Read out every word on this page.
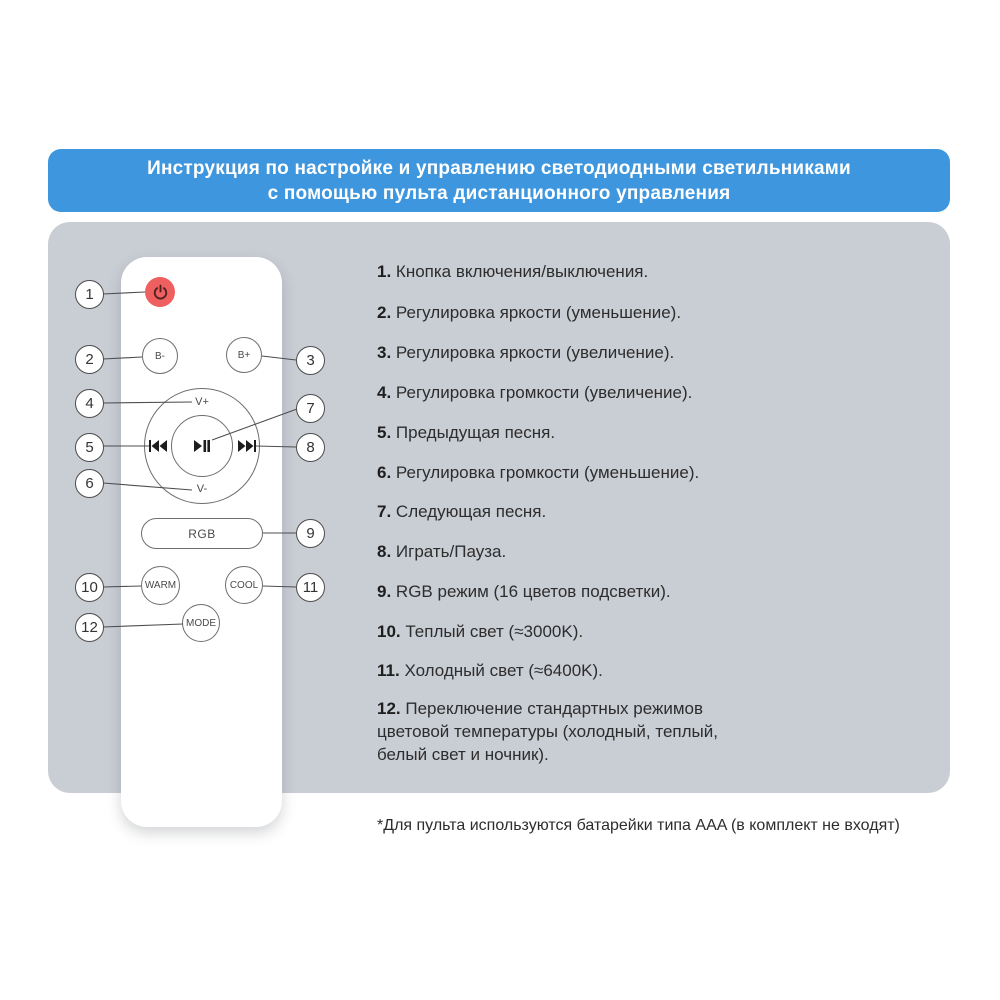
Инструкция по настройке и управлению светодиодными светильниками
с помощью пульта дистанционного управления
B-	B+
V+
V-
RGB
WARM	COOL
MODE
1
2	3
4
5
6
7
8
9
10	11
12
1. Кнопка включения/выключения.
2. Регулировка яркости (уменьшение).
3. Регулировка яркости (увеличение).
4. Регулировка громкости (увеличение).
5. Предыдущая песня.
6. Регулировка громкости (уменьшение).
7. Следующая песня.
8. Играть/Пауза.
9. RGB режим (16 цветов подсветки).
10. Теплый свет (≈3000K).
11. Холодный свет (≈6400K).
12. Переключение стандартных режимов цветовой температуры (холодный, теплый, белый свет и ночник).
*Для пульта используются батарейки типа AAA (в комплект не входят)
